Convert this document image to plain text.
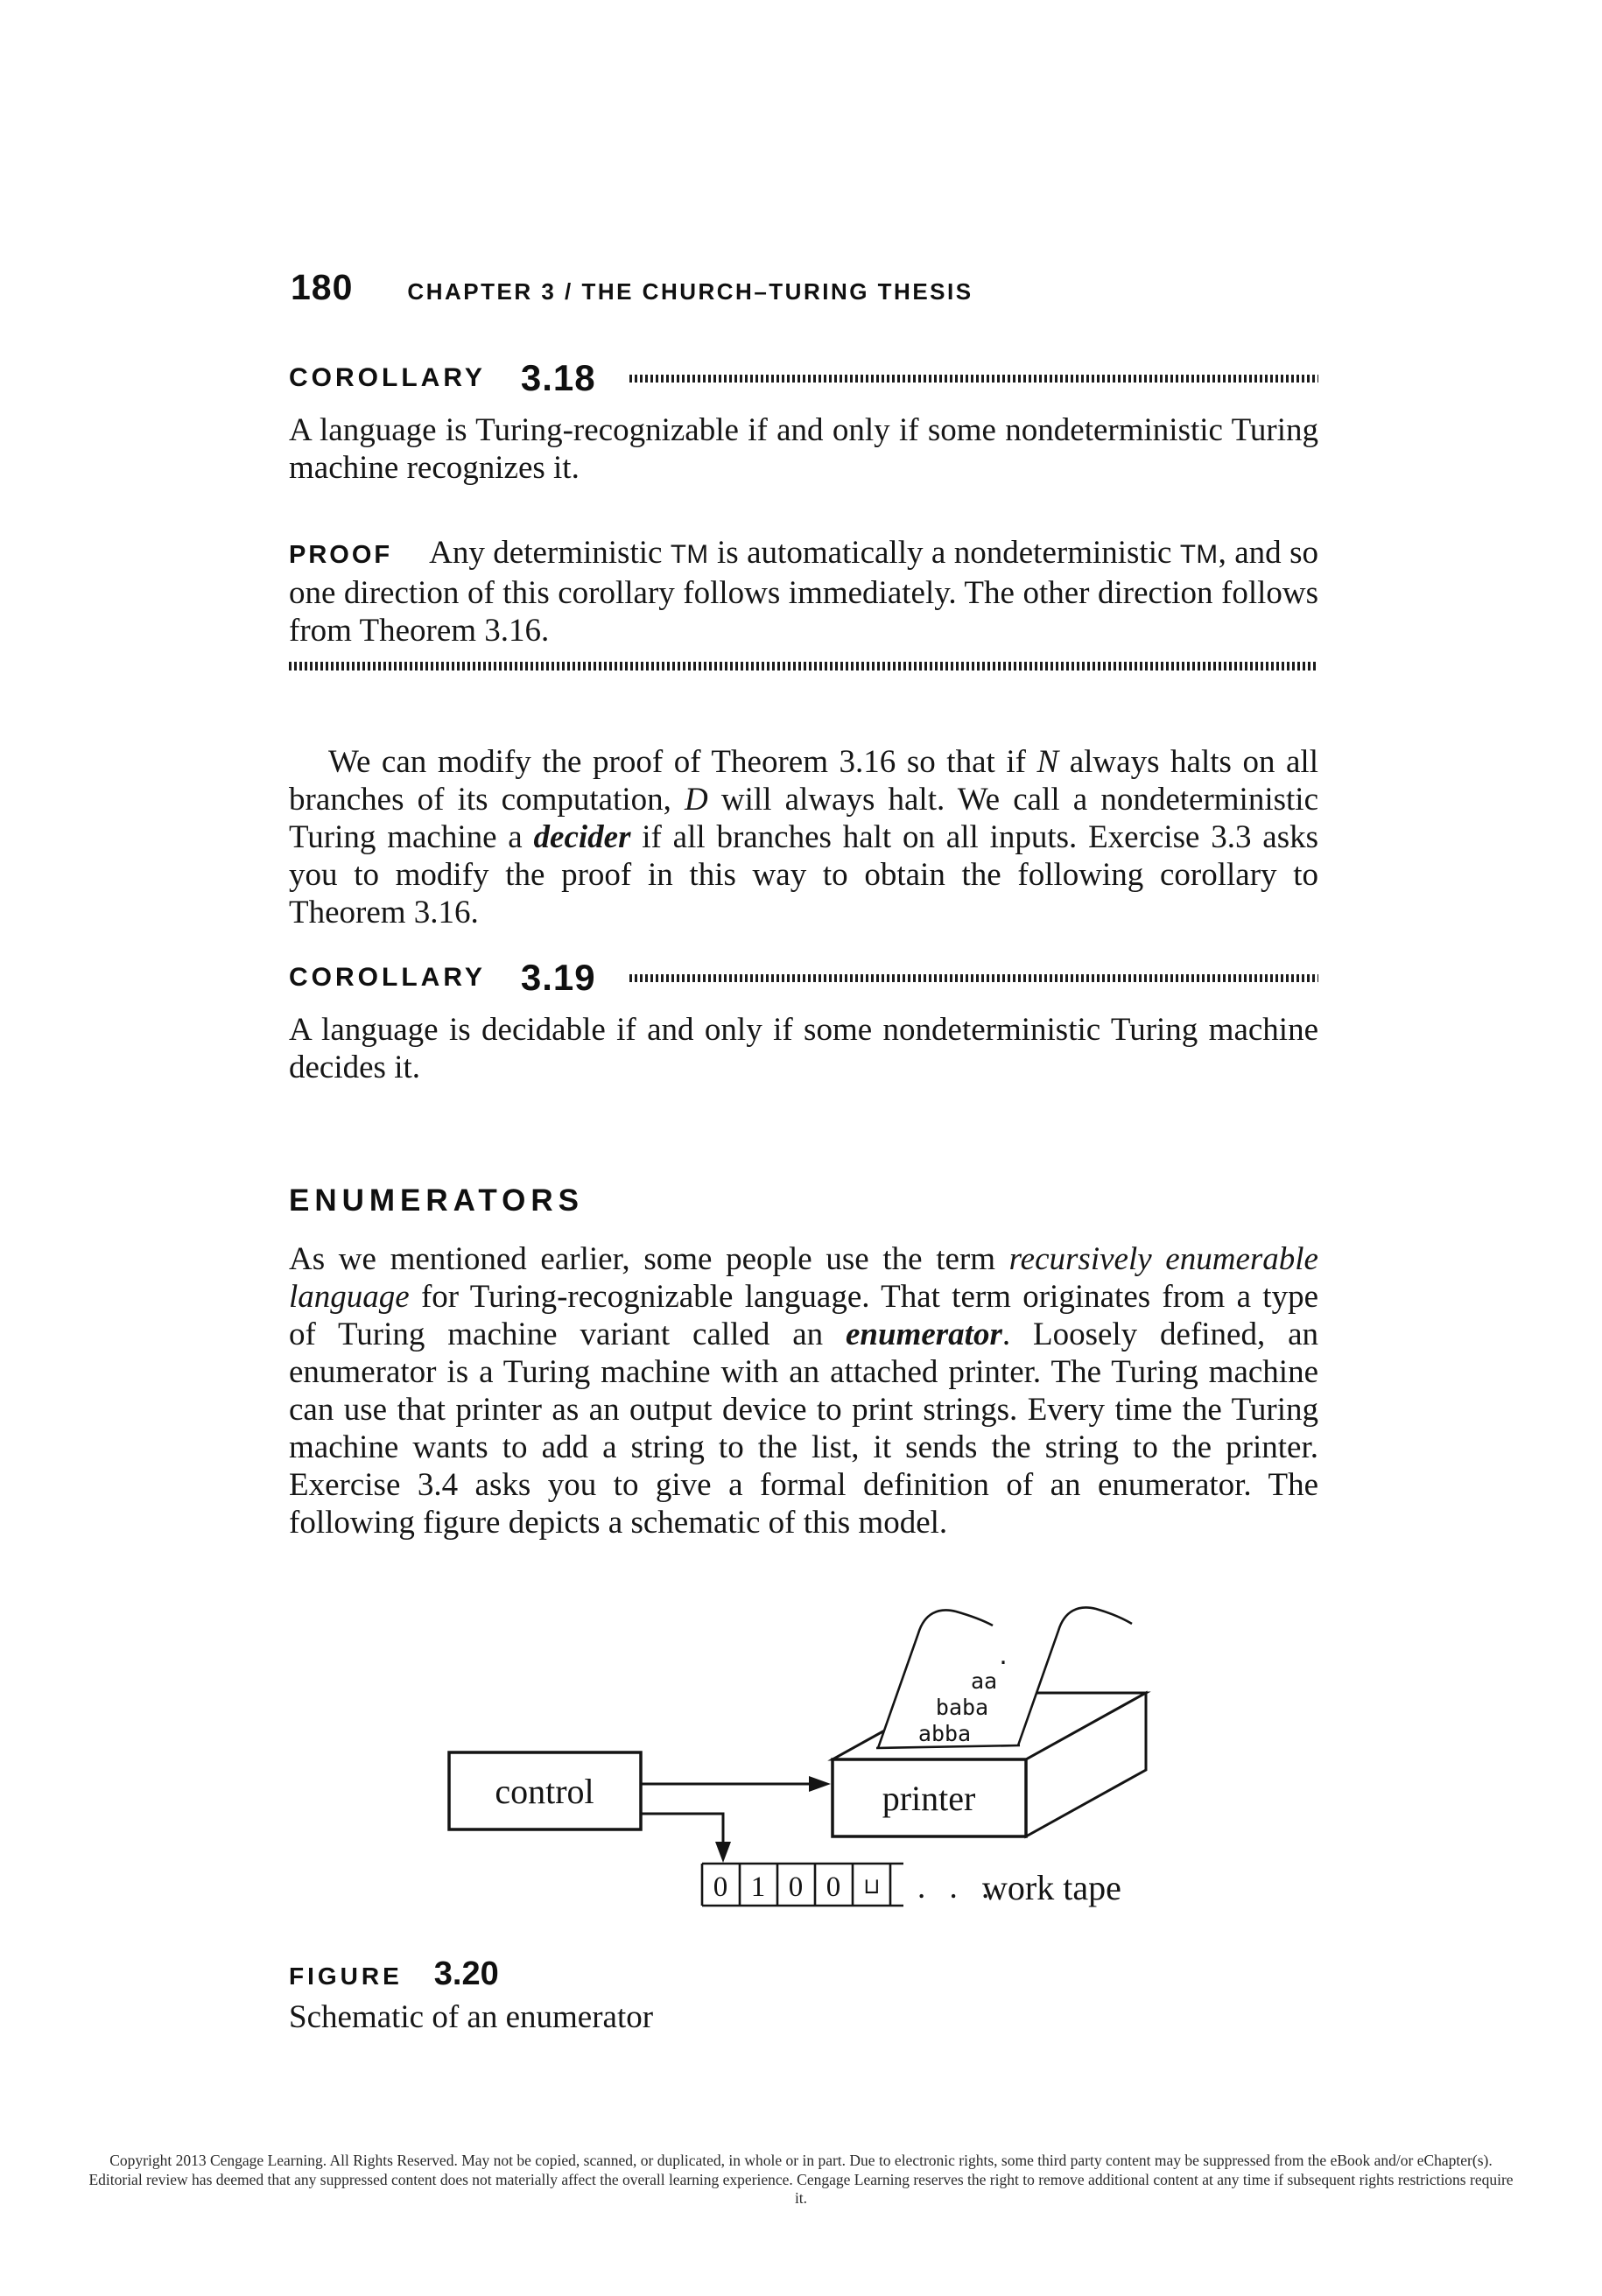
180 CHAPTER 3 / THE CHURCH–TURING THESIS
COROLLARY 3.18
A language is Turing-recognizable if and only if some nondeterministic Turing machine recognizes it.
PROOF Any deterministic TM is automatically a nondeterministic TM, and so one direction of this corollary follows immediately. The other direction follows from Theorem 3.16.
We can modify the proof of Theorem 3.16 so that if N always halts on all branches of its computation, D will always halt. We call a nondeterministic Turing machine a decider if all branches halt on all inputs. Exercise 3.3 asks you to modify the proof in this way to obtain the following corollary to Theorem 3.16.
COROLLARY 3.19
A language is decidable if and only if some nondeterministic Turing machine decides it.
ENUMERATORS
As we mentioned earlier, some people use the term recursively enumerable language for Turing-recognizable language. That term originates from a type of Turing machine variant called an enumerator. Loosely defined, an enumerator is a Turing machine with an attached printer. The Turing machine can use that printer as an output device to print strings. Every time the Turing machine wants to add a string to the list, it sends the string to the printer. Exercise 3.4 asks you to give a formal definition of an enumerator. The following figure depicts a schematic of this model.
.
aa
baba
abba
printer
control
0 1 0 0 ⊔ . . .
work tape
FIGURE 3.20
Schematic of an enumerator
Copyright 2013 Cengage Learning. All Rights Reserved. May not be copied, scanned, or duplicated, in whole or in part. Due to electronic rights, some third party content may be suppressed from the eBook and/or eChapter(s). Editorial review has deemed that any suppressed content does not materially affect the overall learning experience. Cengage Learning reserves the right to remove additional content at any time if subsequent rights restrictions require it.
